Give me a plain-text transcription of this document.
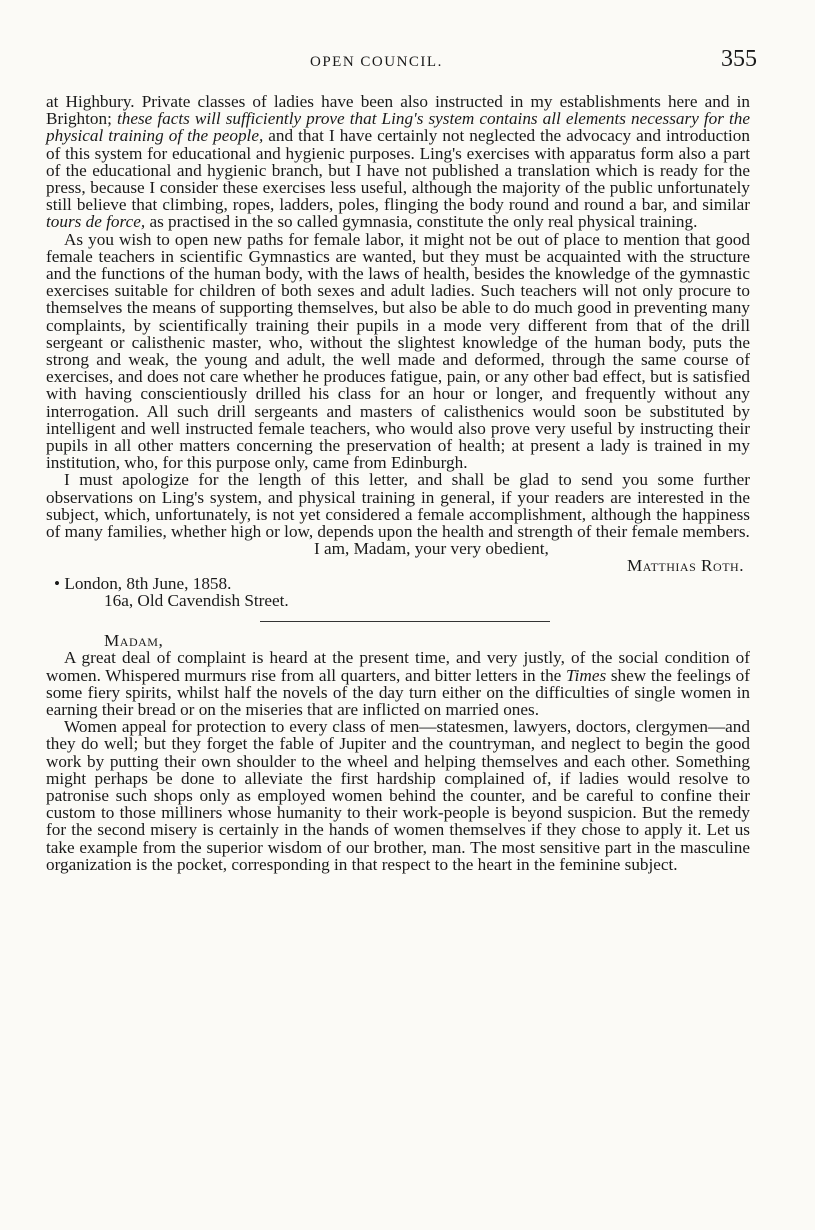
OPEN COUNCIL.	355

at Highbury. Private classes of ladies have been also instructed in my establishments here and in Brighton; these facts will sufficiently prove that Ling's system contains all elements necessary for the physical training of the people, and that I have certainly not neglected the advocacy and introduction of this system for educational and hygienic purposes. Ling's exercises with apparatus form also a part of the educational and hygienic branch, but I have not published a translation which is ready for the press, because I consider these exercises less useful, although the majority of the public unfortunately still believe that climbing, ropes, ladders, poles, flinging the body round and round a bar, and similar tours de force, as practised in the so called gymnasia, constitute the only real physical training.

As you wish to open new paths for female labor, it might not be out of place to mention that good female teachers in scientific Gymnastics are wanted, but they must be acquainted with the structure and the functions of the human body, with the laws of health, besides the knowledge of the gymnastic exercises suitable for children of both sexes and adult ladies. Such teachers will not only procure to themselves the means of supporting themselves, but also be able to do much good in preventing many complaints, by scientifically training their pupils in a mode very different from that of the drill sergeant or calisthenic master, who, without the slightest knowledge of the human body, puts the strong and weak, the young and adult, the well made and deformed, through the same course of exercises, and does not care whether he produces fatigue, pain, or any other bad effect, but is satisfied with having conscientiously drilled his class for an hour or longer, and frequently without any interrogation. All such drill sergeants and masters of calisthenics would soon be substituted by intelligent and well instructed female teachers, who would also prove very useful by instructing their pupils in all other matters concerning the preservation of health; at present a lady is trained in my institution, who, for this purpose only, came from Edinburgh.

I must apologize for the length of this letter, and shall be glad to send you some further observations on Ling's system, and physical training in general, if your readers are interested in the subject, which, unfortunately, is not yet considered a female accomplishment, although the happiness of many families, whether high or low, depends upon the health and strength of their female members.

I am, Madam, your very obedient,

Matthias Roth.

• London, 8th June, 1858.

16a, Old Cavendish Street.

Madam,

A great deal of complaint is heard at the present time, and very justly, of the social condition of women. Whispered murmurs rise from all quarters, and bitter letters in the Times shew the feelings of some fiery spirits, whilst half the novels of the day turn either on the difficulties of single women in earning their bread or on the miseries that are inflicted on married ones.

Women appeal for protection to every class of men—statesmen, lawyers, doctors, clergymen—and they do well; but they forget the fable of Jupiter and the countryman, and neglect to begin the good work by putting their own shoulder to the wheel and helping themselves and each other. Something might perhaps be done to alleviate the first hardship complained of, if ladies would resolve to patronise such shops only as employed women behind the counter, and be careful to confine their custom to those milliners whose humanity to their work-people is beyond suspicion. But the remedy for the second misery is certainly in the hands of women themselves if they chose to apply it. Let us take example from the superior wisdom of our brother, man. The most sensitive part in the masculine organization is the pocket, corresponding in that respect to the heart in the feminine subject.
